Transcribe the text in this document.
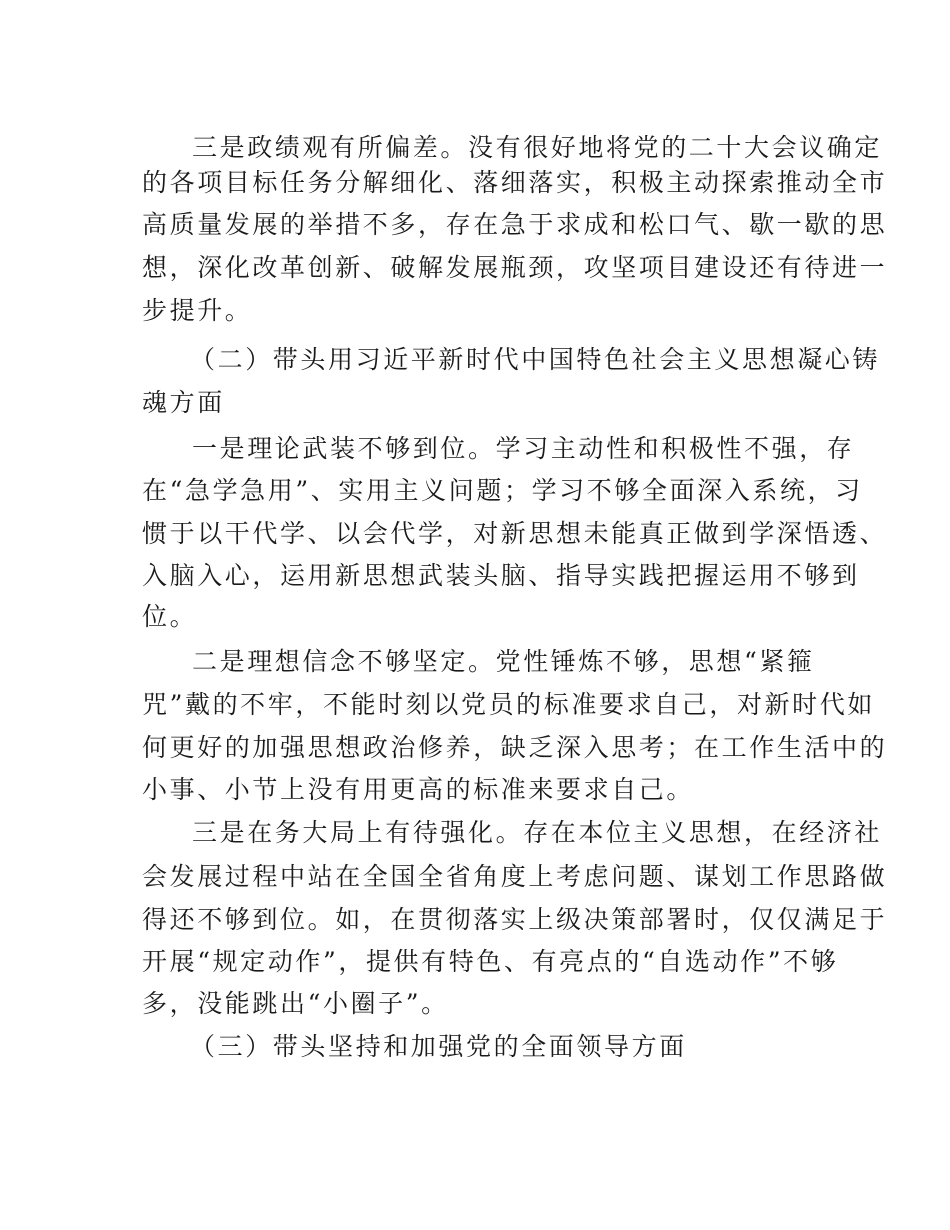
三是政绩观有所偏差。没有很好地将党的二十大会议确定

的各项目标任务分解细化、落细落实，积极主动探索推动全市

高质量发展的举措不多，存在急于求成和松口气、歇一歇的思

想，深化改革创新、破解发展瓶颈，攻坚项目建设还有待进一

步提升。

（二）带头用习近平新时代中国特色社会主义思想凝心铸

魂方面

一是理论武装不够到位。学习主动性和积极性不强，存

在“急学急用”、实用主义问题；学习不够全面深入系统，习

惯于以干代学、以会代学，对新思想未能真正做到学深悟透、

入脑入心，运用新思想武装头脑、指导实践把握运用不够到

位。

二是理想信念不够坚定。党性锤炼不够，思想“紧箍

咒”戴的不牢，不能时刻以党员的标准要求自己，对新时代如

何更好的加强思想政治修养，缺乏深入思考；在工作生活中的

小事、小节上没有用更高的标准来要求自己。

三是在务大局上有待强化。存在本位主义思想，在经济社

会发展过程中站在全国全省角度上考虑问题、谋划工作思路做

得还不够到位。如，在贯彻落实上级决策部署时，仅仅满足于

开展“规定动作”，提供有特色、有亮点的“自选动作”不够

多，没能跳出“小圈子”。

（三）带头坚持和加强党的全面领导方面
